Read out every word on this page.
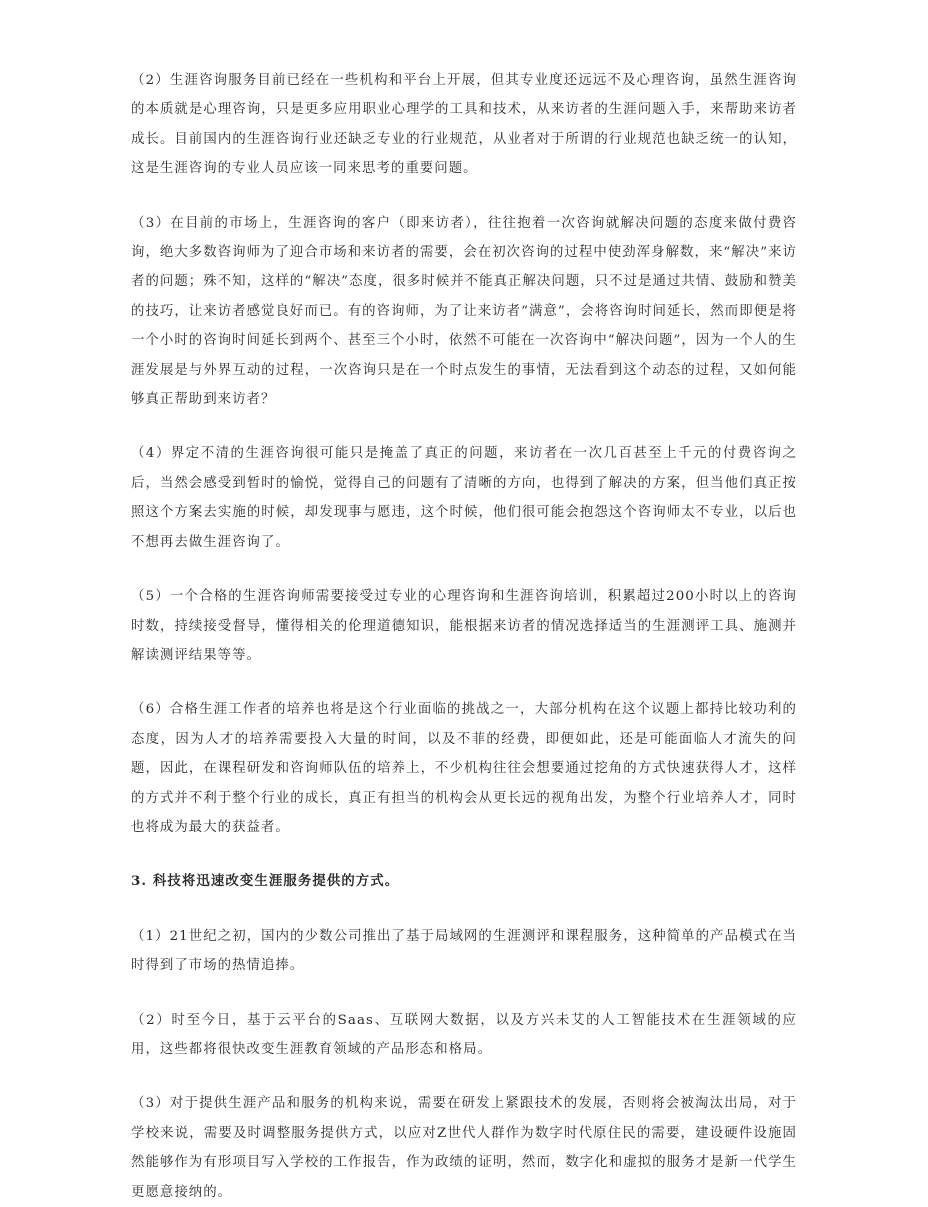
（2）生涯咨询服务目前已经在一些机构和平台上开展，但其专业度还远远不及心理咨询，虽然生涯咨询的本质就是心理咨询，只是更多应用职业心理学的工具和技术，从来访者的生涯问题入手，来帮助来访者成长。目前国内的生涯咨询行业还缺乏专业的行业规范，从业者对于所谓的行业规范也缺乏统一的认知，这是生涯咨询的专业人员应该一同来思考的重要问题。

（3）在目前的市场上，生涯咨询的客户（即来访者），往往抱着一次咨询就解决问题的态度来做付费咨询，绝大多数咨询师为了迎合市场和来访者的需要，会在初次咨询的过程中使劲浑身解数，来“解决”来访者的问题；殊不知，这样的“解决”态度，很多时候并不能真正解决问题，只不过是通过共情、鼓励和赞美的技巧，让来访者感觉良好而已。有的咨询师，为了让来访者“满意”，会将咨询时间延长，然而即便是将一个小时的咨询时间延长到两个、甚至三个小时，依然不可能在一次咨询中“解决问题”，因为一个人的生涯发展是与外界互动的过程，一次咨询只是在一个时点发生的事情，无法看到这个动态的过程，又如何能够真正帮助到来访者？

（4）界定不清的生涯咨询很可能只是掩盖了真正的问题，来访者在一次几百甚至上千元的付费咨询之后，当然会感受到暂时的愉悦，觉得自己的问题有了清晰的方向，也得到了解决的方案，但当他们真正按照这个方案去实施的时候，却发现事与愿违，这个时候，他们很可能会抱怨这个咨询师太不专业，以后也不想再去做生涯咨询了。

（5）一个合格的生涯咨询师需要接受过专业的心理咨询和生涯咨询培训，积累超过200小时以上的咨询时数，持续接受督导，懂得相关的伦理道德知识，能根据来访者的情况选择适当的生涯测评工具、施测并解读测评结果等等。

（6）合格生涯工作者的培养也将是这个行业面临的挑战之一，大部分机构在这个议题上都持比较功利的态度，因为人才的培养需要投入大量的时间，以及不菲的经费，即便如此，还是可能面临人才流失的问题，因此，在课程研发和咨询师队伍的培养上，不少机构往往会想要通过挖角的方式快速获得人才，这样的方式并不利于整个行业的成长，真正有担当的机构会从更长远的视角出发，为整个行业培养人才，同时也将成为最大的获益者。

3. 科技将迅速改变生涯服务提供的方式。

（1）21世纪之初，国内的少数公司推出了基于局域网的生涯测评和课程服务，这种简单的产品模式在当时得到了市场的热情追捧。

（2）时至今日，基于云平台的Saas、互联网大数据，以及方兴未艾的人工智能技术在生涯领域的应用，这些都将很快改变生涯教育领域的产品形态和格局。

（3）对于提供生涯产品和服务的机构来说，需要在研发上紧跟技术的发展，否则将会被淘汰出局，对于学校来说，需要及时调整服务提供方式，以应对Z世代人群作为数字时代原住民的需要，建设硬件设施固然能够作为有形项目写入学校的工作报告，作为政绩的证明，然而，数字化和虚拟的服务才是新一代学生更愿意接纳的。
